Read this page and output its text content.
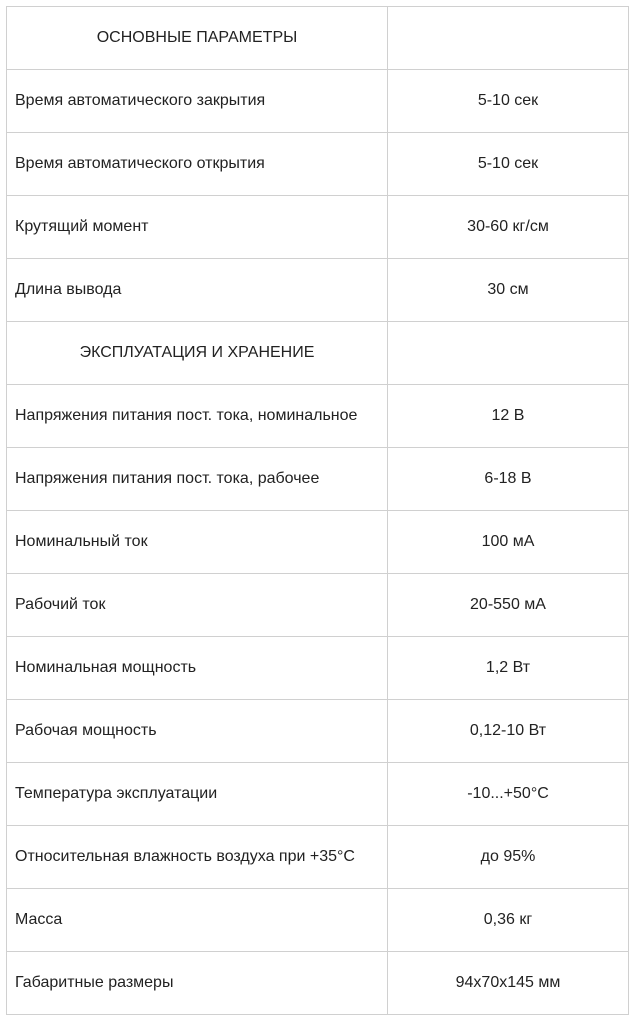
ОСНОВНЫЕ ПАРАМЕТРЫ	
Время автоматического закрытия	5-10 сек
Время автоматического открытия	5-10 сек
Крутящий момент	30-60 кг/см
Длина вывода	30 см
ЭКСПЛУАТАЦИЯ И ХРАНЕНИЕ	
Напряжения питания пост. тока, номинальное	12 В
Напряжения питания пост. тока, рабочее	6-18 В
Номинальный ток	100 мА
Рабочий ток	20-550 мА
Номинальная мощность	1,2 Вт
Рабочая мощность	0,12-10 Вт
Температура эксплуатации	-10...+50°С
Относительная влажность воздуха при +35°С	до 95%
Масса	0,36 кг
Габаритные размеры	94х70х145 мм
